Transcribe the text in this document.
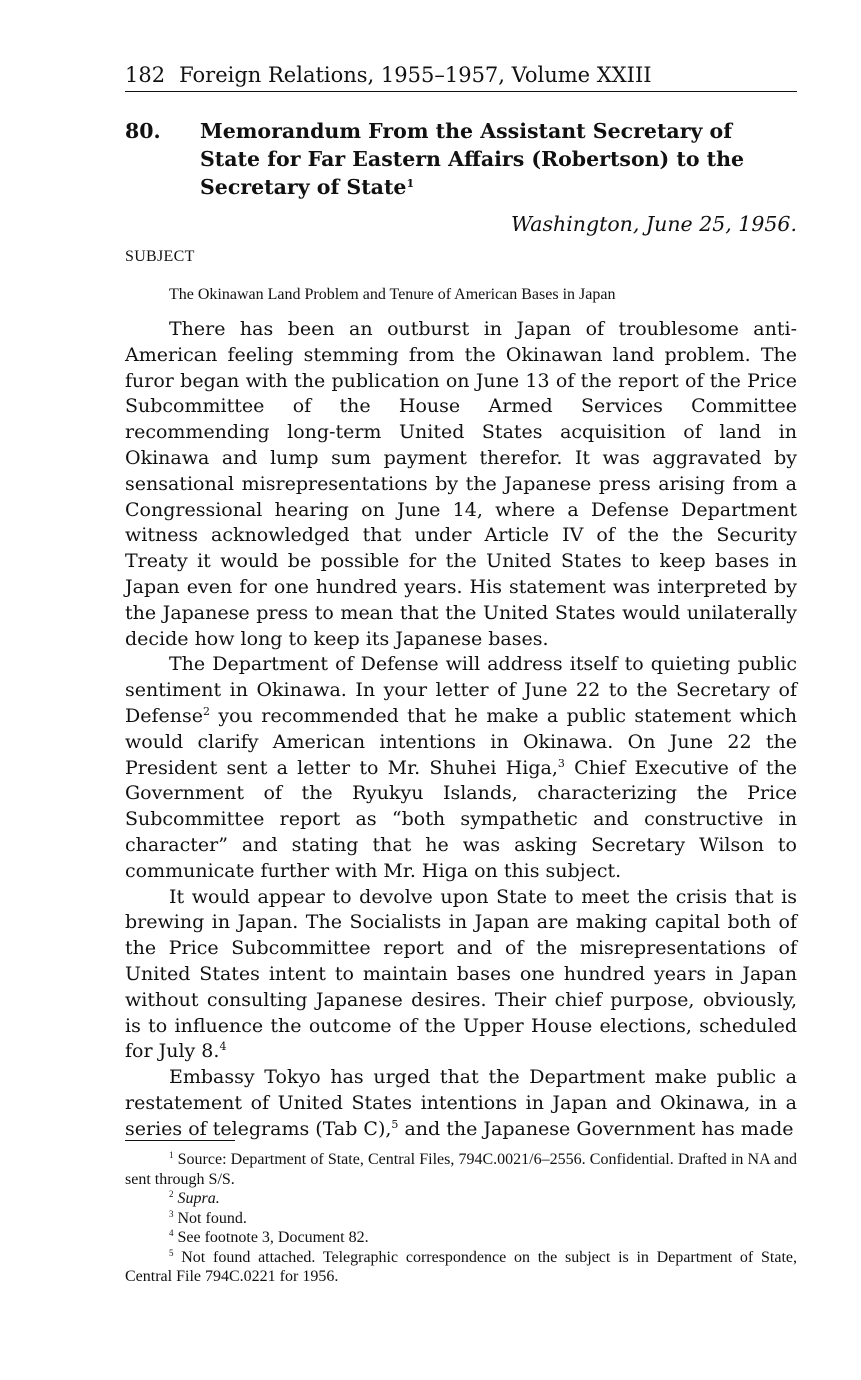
182 Foreign Relations, 1955–1957, Volume XXIII
80. Memorandum From the Assistant Secretary of State for Far Eastern Affairs (Robertson) to the Secretary of State$^1$
Washington, June 25, 1956.
SUBJECT
The Okinawan Land Problem and Tenure of American Bases in Japan

There has been an outburst in Japan of troublesome anti-American feeling stemming from the Okinawan land problem. The furor began with the publication on June 13 of the report of the Price Subcommittee of the House Armed Services Committee recommending long-term United States acquisition of land in Okinawa and lump sum payment therefor. It was aggravated by sensational misrepresentations by the Japanese press arising from a Congressional hearing on June 14, where a Defense Department witness acknowledged that under Article IV of the the Security Treaty it would be possible for the United States to keep bases in Japan even for one hundred years. His statement was interpreted by the Japanese press to mean that the United States would unilaterally decide how long to keep its Japanese bases.

The Department of Defense will address itself to quieting public sentiment in Okinawa. In your letter of June 22 to the Secretary of Defense$^2$ you recommended that he make a public statement which would clarify American intentions in Okinawa. On June 22 the President sent a letter to Mr. Shuhei Higa,$^3$ Chief Executive of the Government of the Ryukyu Islands, characterizing the Price Subcommittee report as “both sympathetic and constructive in character” and stating that he was asking Secretary Wilson to communicate further with Mr. Higa on this subject.

It would appear to devolve upon State to meet the crisis that is brewing in Japan. The Socialists in Japan are making capital both of the Price Subcommittee report and of the misrepresentations of United States intent to maintain bases one hundred years in Japan without consulting Japanese desires. Their chief purpose, obviously, is to influence the outcome of the Upper House elections, scheduled for July 8.$^4$

Embassy Tokyo has urged that the Department make public a restatement of United States intentions in Japan and Okinawa, in a series of telegrams (Tab C),$^5$ and the Japanese Government has made

$^1$ Source: Department of State, Central Files, 794C.0021/6–2556. Confidential. Drafted in NA and sent through S/S.

$^2$ Supra.

$^3$ Not found.

$^4$ See footnote 3, Document 82.

$^5$ Not found attached. Telegraphic correspondence on the subject is in Department of State, Central File 794C.0221 for 1956.
